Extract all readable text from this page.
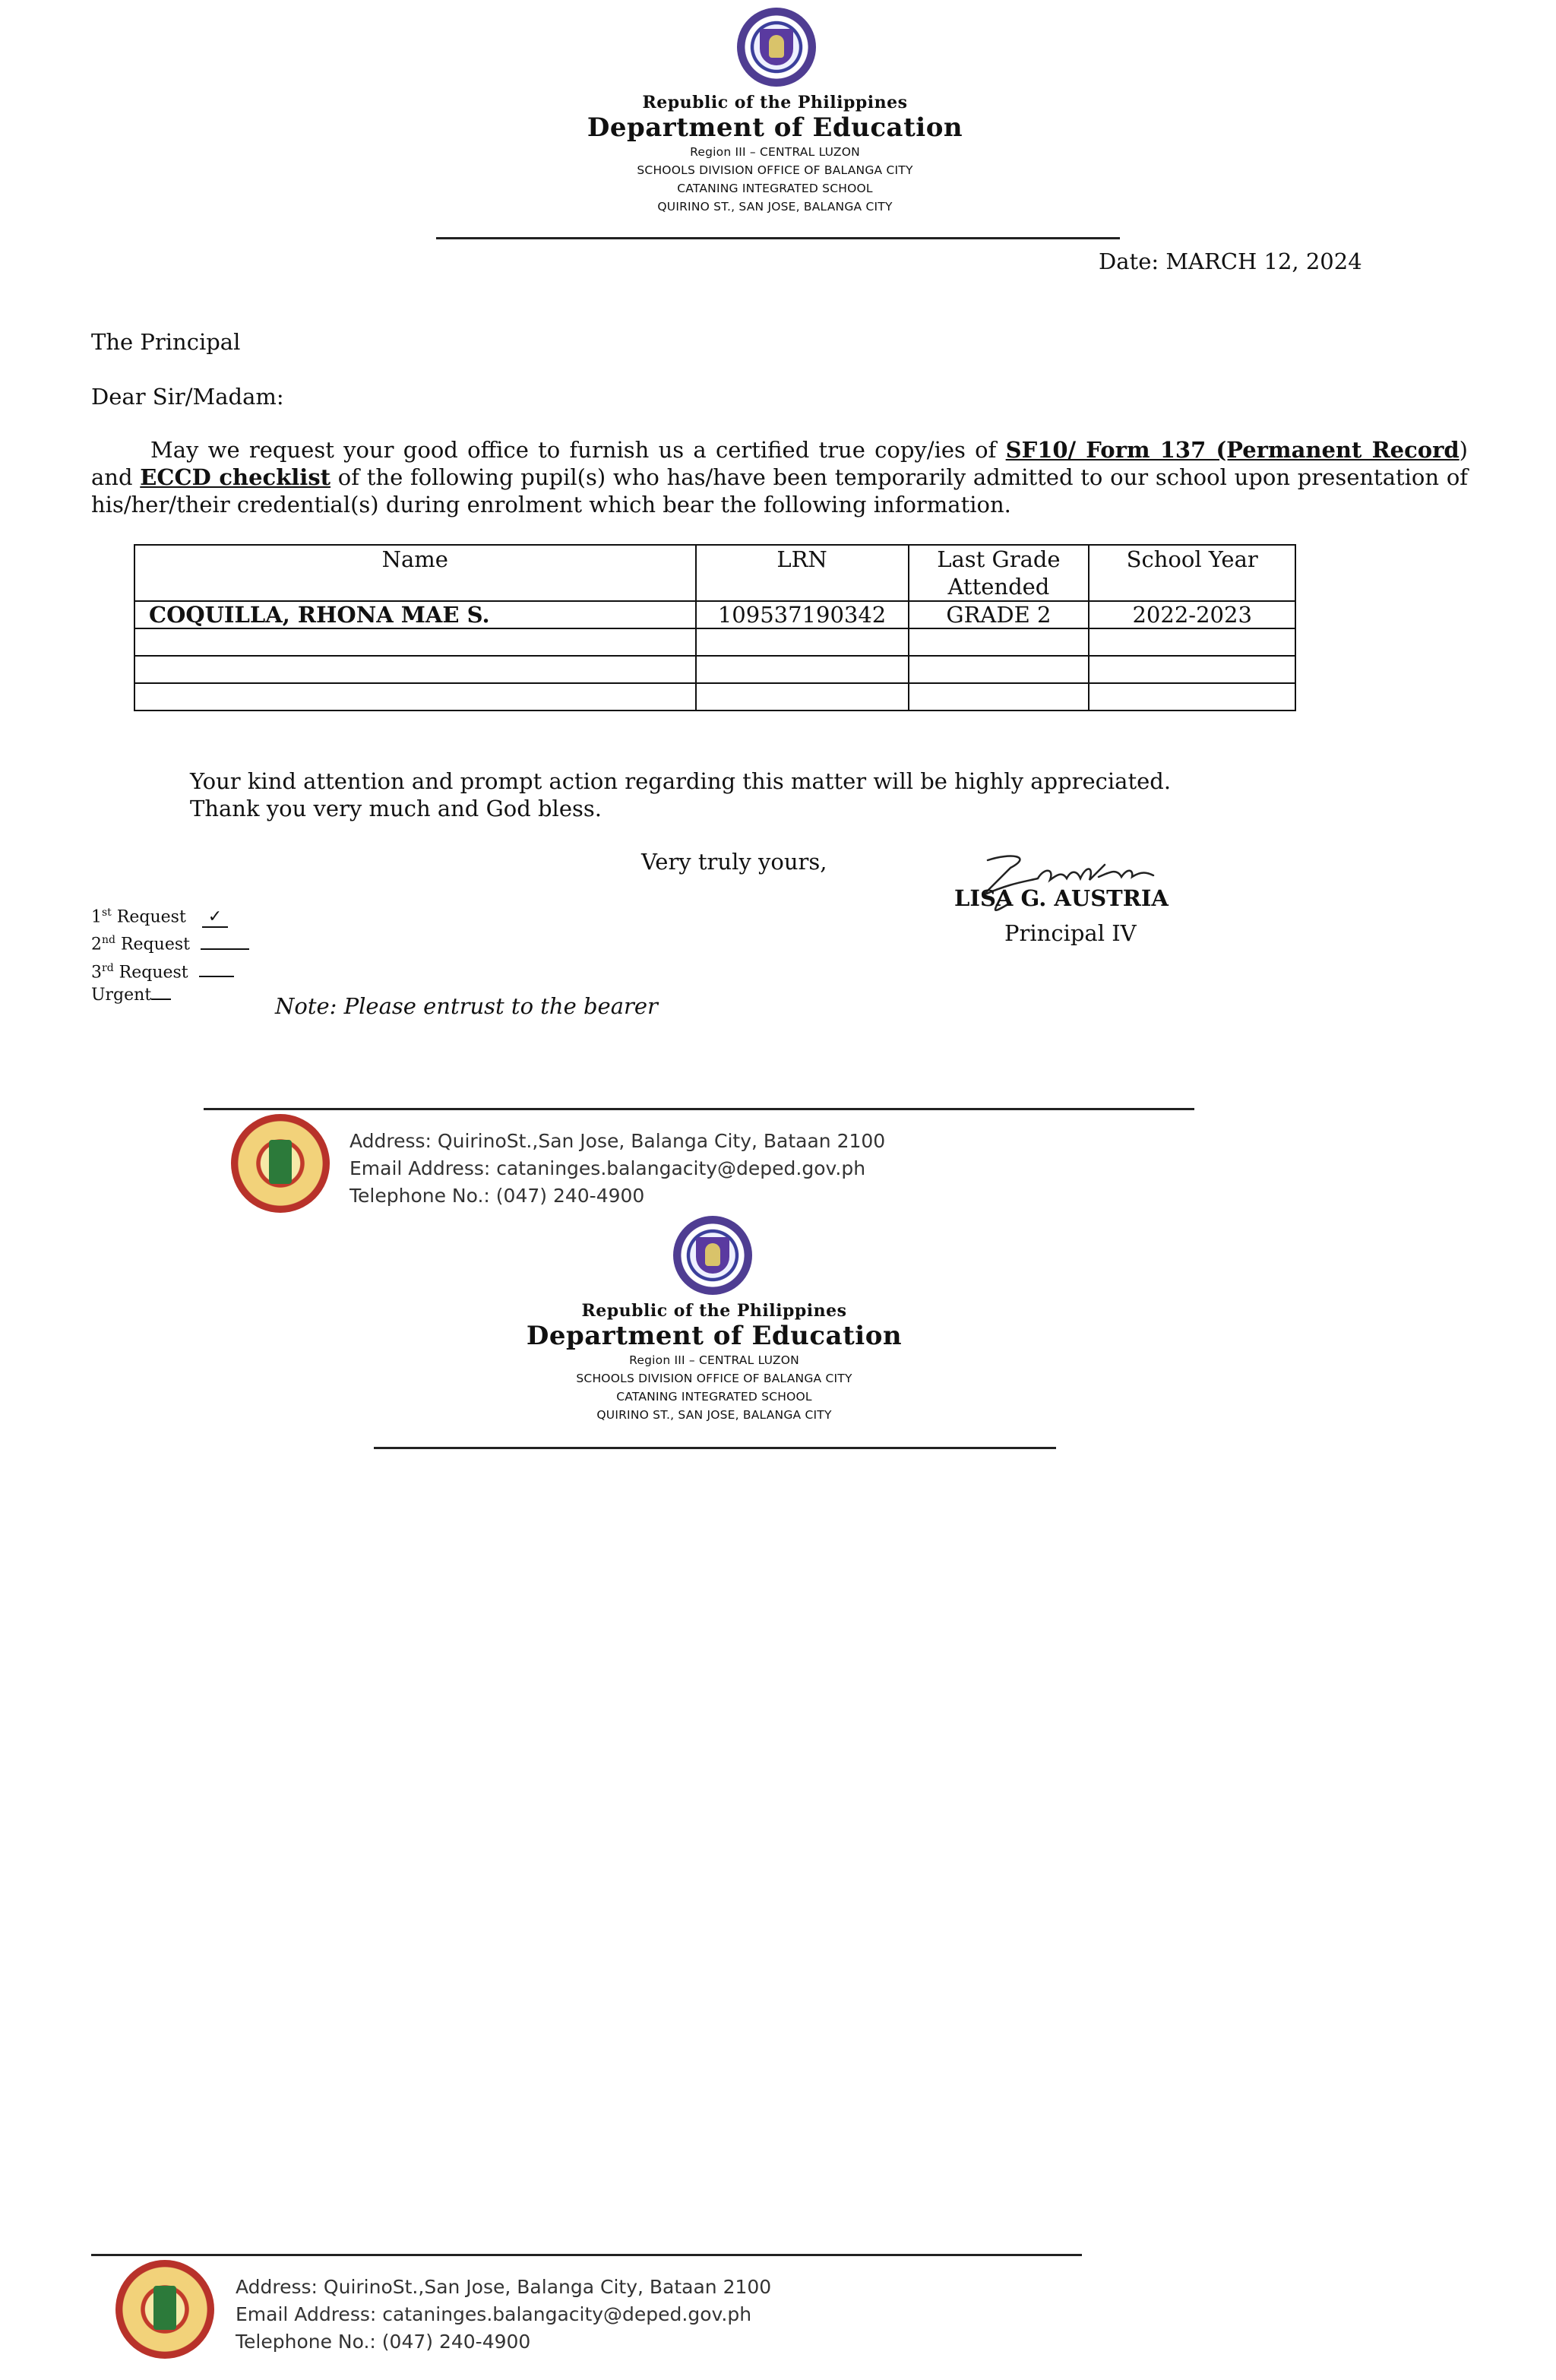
Republic of the Philippines
Department of Education
Region III – CENTRAL LUZON
SCHOOLS DIVISION OFFICE OF BALANGA CITY
CATANING INTEGRATED SCHOOL
QUIRINO ST., SAN JOSE, BALANGA CITY
Date: MARCH 12, 2024
The Principal
Dear Sir/Madam:
May we request your good office to furnish us a certified true copy/ies of SF10/ Form 137 (Permanent Record) and ECCD checklist of the following pupil(s) who has/have been temporarily admitted to our school upon presentation of his/her/their credential(s) during enrolment which bear the following information.
Name	LRN	Last Grade Attended	School Year
COQUILLA, RHONA MAE S.	109537190342	GRADE 2	2022-2023

Your kind attention and prompt action regarding this matter will be highly appreciated.
Thank you very much and God bless.
Very truly yours,
LISA G. AUSTRIA
Principal IV
1st Request ✓
2nd Request
3rd Request
Urgent	Note: Please entrust to the bearer
Address: QuirinoSt.,San Jose, Balanga City, Bataan 2100
Email Address: cataninges.balangacity@deped.gov.ph
Telephone No.: (047) 240-4900
Republic of the Philippines
Department of Education
Region III – CENTRAL LUZON
SCHOOLS DIVISION OFFICE OF BALANGA CITY
CATANING INTEGRATED SCHOOL
QUIRINO ST., SAN JOSE, BALANGA CITY
Address: QuirinoSt.,San Jose, Balanga City, Bataan 2100
Email Address: cataninges.balangacity@deped.gov.ph
Telephone No.: (047) 240-4900
